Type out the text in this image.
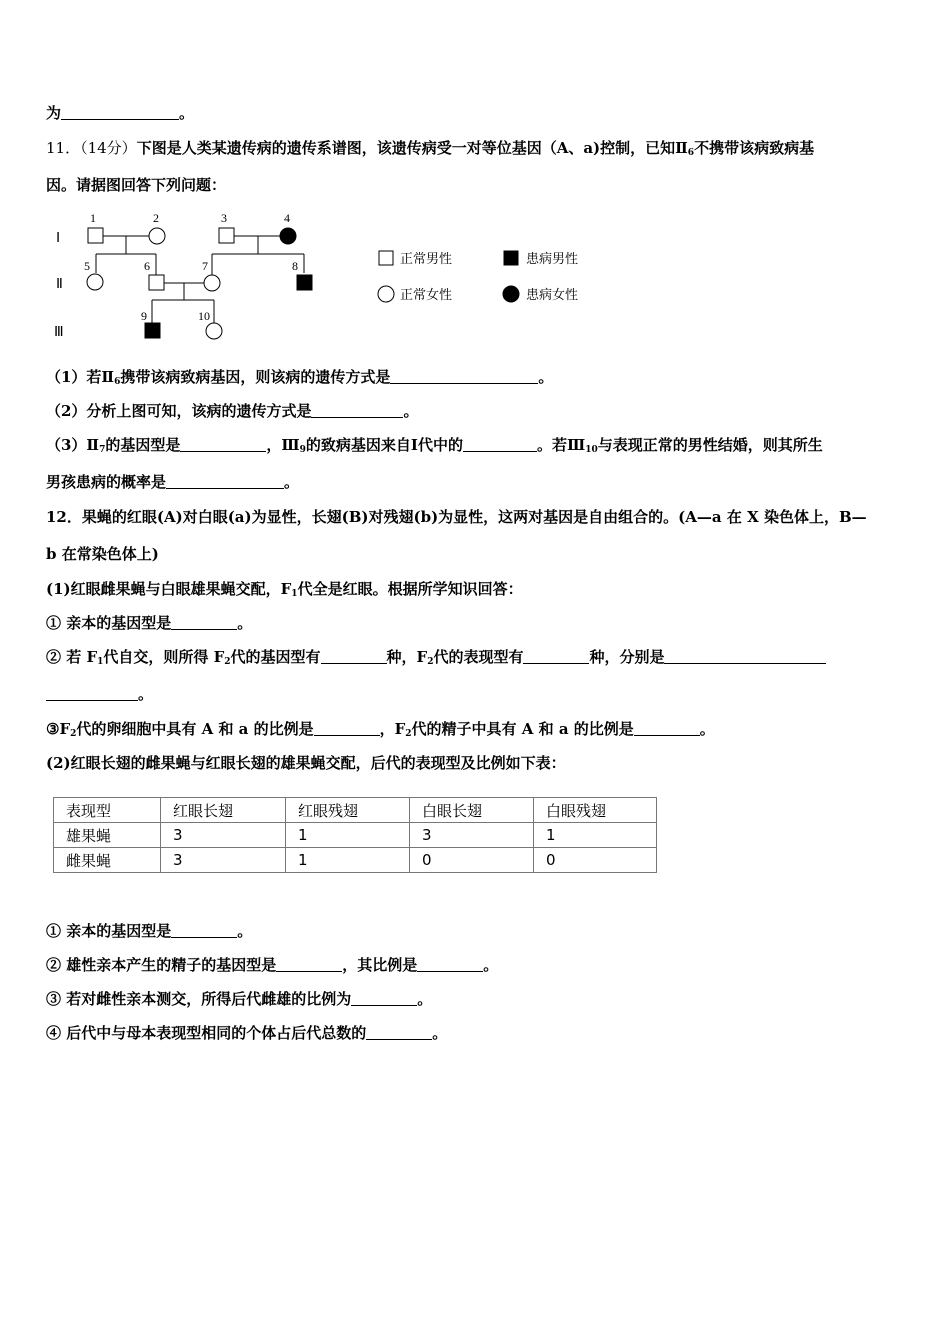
为	。
11．（14分）下图是人类某遗传病的遗传系谱图，该遗传病受一对等位基因（A、a)控制，已知$Ⅱ_6$不携带该病致病基
因。请据图回答下列问题：
Ⅰ
Ⅱ
Ⅲ
1	2	3	4
5	6	7	8
9	10
正常男性	患病男性
正常女性	患病女性
（1）若$Ⅱ_6$携带该病致病基因，则该病的遗传方式是	。
（2）分析上图可知，该病的遗传方式是	。
$(3)Ⅱ_7$的基因型是	，$Ⅲ_9$的致病基因来自Ⅰ代中的	。若$Ⅲ_{10}$与表现正常的男性结婚，则其所生
男孩患病的概率是	。
12．果蝇的红眼(A)对白眼(a)为显性，长翅(B)对残翅(b)为显性，这两对基因是自由组合的。(A—a 在 X 染色体上，B—
b 在常染色体上)
(1)红眼雌果蝇与白眼雄果蝇交配，$F_1$代全是红眼。根据所学知识回答：
① 亲本的基因型是	。
② 若 $F_1$代自交，则所得 $F_2$代的基因型有	种，$F_2$代的表现型有	种，分别是
。
$③F_2$代的卵细胞中具有 A 和 a 的比例是	，$F_2$代的精子中具有 A 和 a 的比例是	。
(2)红眼长翅的雌果蝇与红眼长翅的雄果蝇交配，后代的表现型及比例如下表：
表现型	红眼长翅	红眼残翅	白眼长翅	白眼残翅
雄果蝇	3	1	3	1
雌果蝇	3	1	0	0
① 亲本的基因型是	。
② 雄性亲本产生的精子的基因型是	，其比例是	。
③ 若对雌性亲本测交，所得后代雌雄的比例为	。
④ 后代中与母本表现型相同的个体占后代总数的	。
